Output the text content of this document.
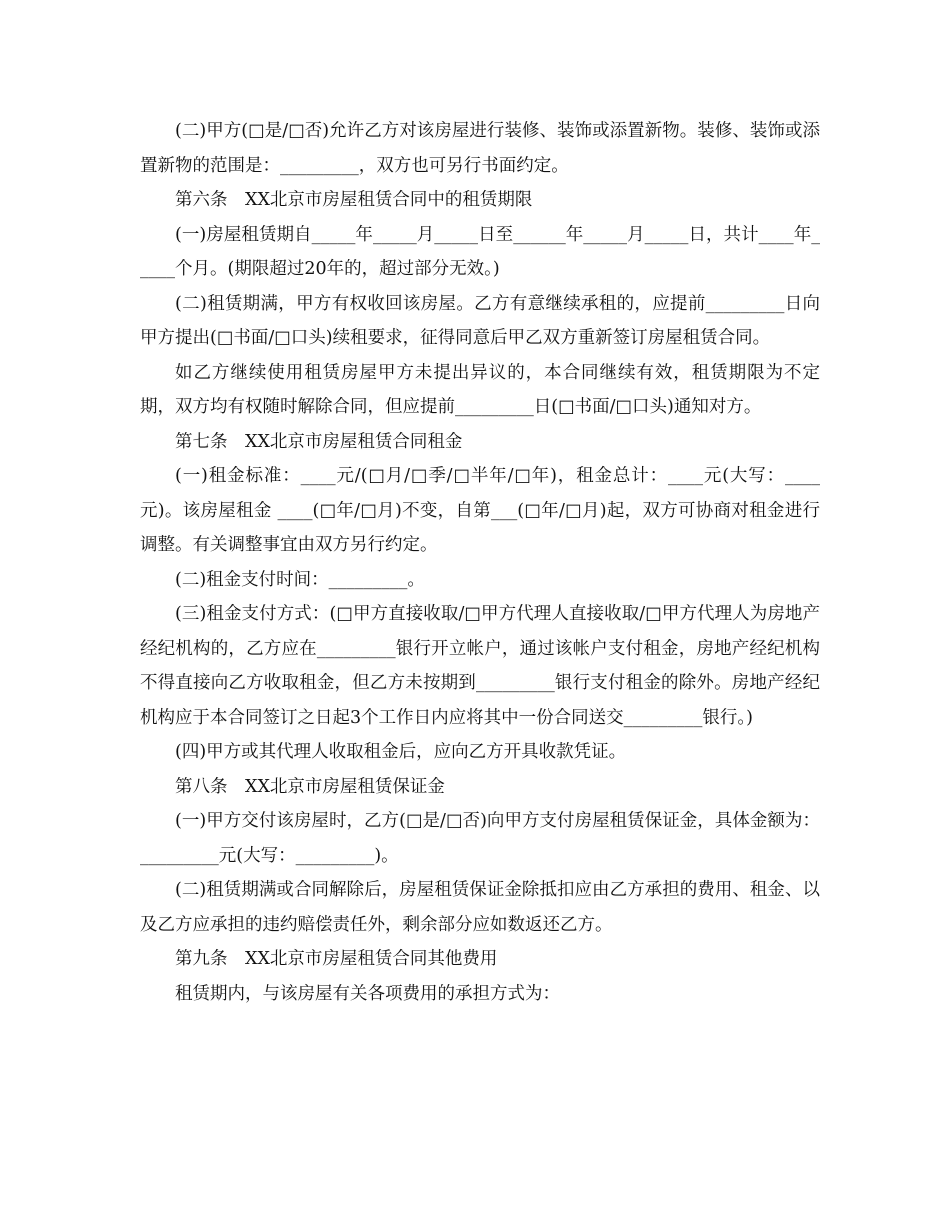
(二)甲方(□是/□否)允许乙方对该房屋进行装修、装饰或添置新物。装修、装饰或添置新物的范围是：_________，双方也可另行书面约定。

第六条　XX北京市房屋租赁合同中的租赁期限

(一)房屋租赁期自_____年_____月_____日至______年_____月_____日，共计____年_____个月。(期限超过20年的，超过部分无效。)

(二)租赁期满，甲方有权收回该房屋。乙方有意继续承租的，应提前_________日向甲方提出(□书面/□口头)续租要求，征得同意后甲乙双方重新签订房屋租赁合同。

如乙方继续使用租赁房屋甲方未提出异议的，本合同继续有效，租赁期限为不定期，双方均有权随时解除合同，但应提前_________日(□书面/□口头)通知对方。

第七条　XX北京市房屋租赁合同租金

(一)租金标准：____元/(□月/□季/□半年/□年)，租金总计：____元(大写：____元)。该房屋租金 ____(□年/□月)不变，自第___(□年/□月)起，双方可协商对租金进行调整。有关调整事宜由双方另行约定。

(二)租金支付时间：_________。

(三)租金支付方式：(□甲方直接收取/□甲方代理人直接收取/□甲方代理人为房地产经纪机构的，乙方应在_________银行开立帐户，通过该帐户支付租金，房地产经纪机构不得直接向乙方收取租金，但乙方未按期到_________银行支付租金的除外。房地产经纪机构应于本合同签订之日起3个工作日内应将其中一份合同送交_________银行。)

(四)甲方或其代理人收取租金后，应向乙方开具收款凭证。

第八条　XX北京市房屋租赁保证金

(一)甲方交付该房屋时，乙方(□是/□否)向甲方支付房屋租赁保证金，具体金额为：_________元(大写：_________)。

(二)租赁期满或合同解除后，房屋租赁保证金除抵扣应由乙方承担的费用、租金、以及乙方应承担的违约赔偿责任外，剩余部分应如数返还乙方。

第九条　XX北京市房屋租赁合同其他费用

租赁期内，与该房屋有关各项费用的承担方式为：
